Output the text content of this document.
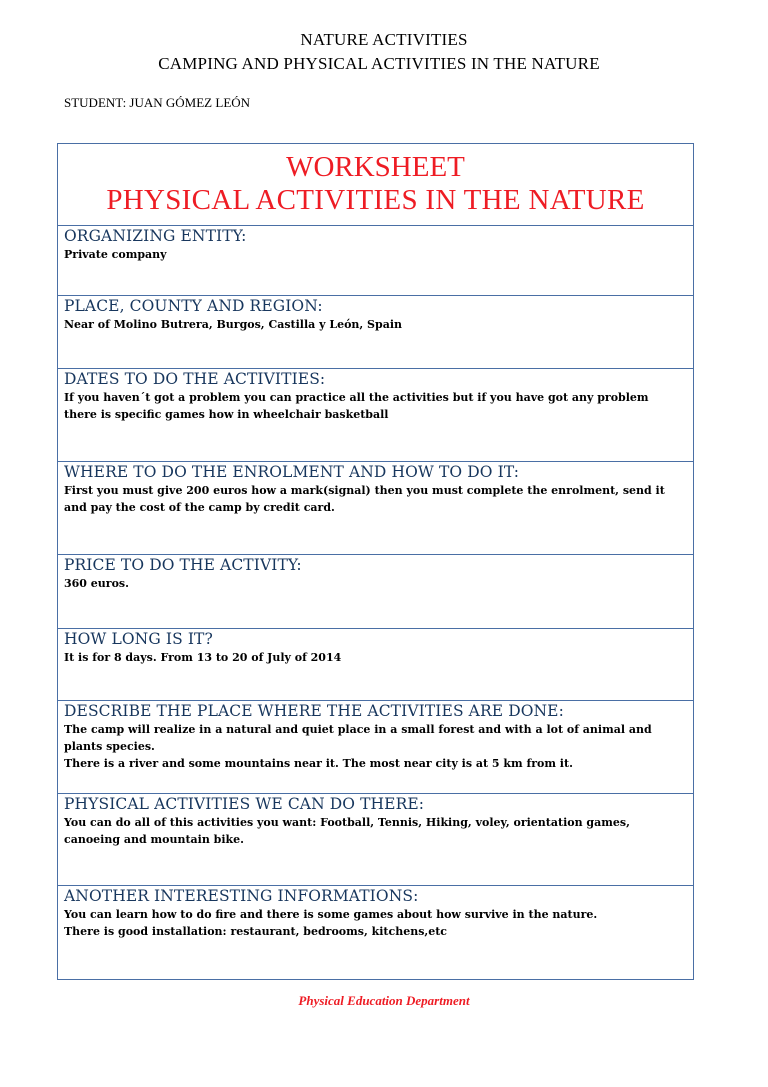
NATURE ACTIVITIES
CAMPING AND PHYSICAL ACTIVITIES IN THE NATURE
STUDENT: JUAN GÓMEZ LEÓN
WORKSHEET
PHYSICAL ACTIVITIES IN THE NATURE
ORGANIZING ENTITY:

Private company

PLACE, COUNTY AND REGION:

Near of Molino Butrera, Burgos, Castilla y León, Spain

DATES TO DO THE ACTIVITIES:

If you haven´t got a problem you can practice all the activities but if you have got any problem

there is specific games how in wheelchair basketball

WHERE TO DO THE ENROLMENT AND HOW TO DO IT:

First you must give 200 euros how a mark(signal) then you must complete the enrolment, send it

and pay the cost of the camp by credit card.

PRICE TO DO THE ACTIVITY:

360 euros.

HOW LONG IS IT?

It is for 8 days. From 13 to 20 of July of 2014

DESCRIBE THE PLACE WHERE THE ACTIVITIES ARE DONE:

The camp will realize in a natural and quiet place in a small forest and with a lot of animal and

plants species.

There is a river and some mountains near it. The most near city is at 5 km from it.

PHYSICAL ACTIVITIES WE CAN DO THERE:

You can do all of this activities you want: Football, Tennis, Hiking, voley, orientation games,

canoeing and mountain bike.

ANOTHER INTERESTING INFORMATIONS:

You can learn how to do fire and there is some games about how survive in the nature.

There is good installation: restaurant, bedrooms, kitchens,etc

Physical Education Department
